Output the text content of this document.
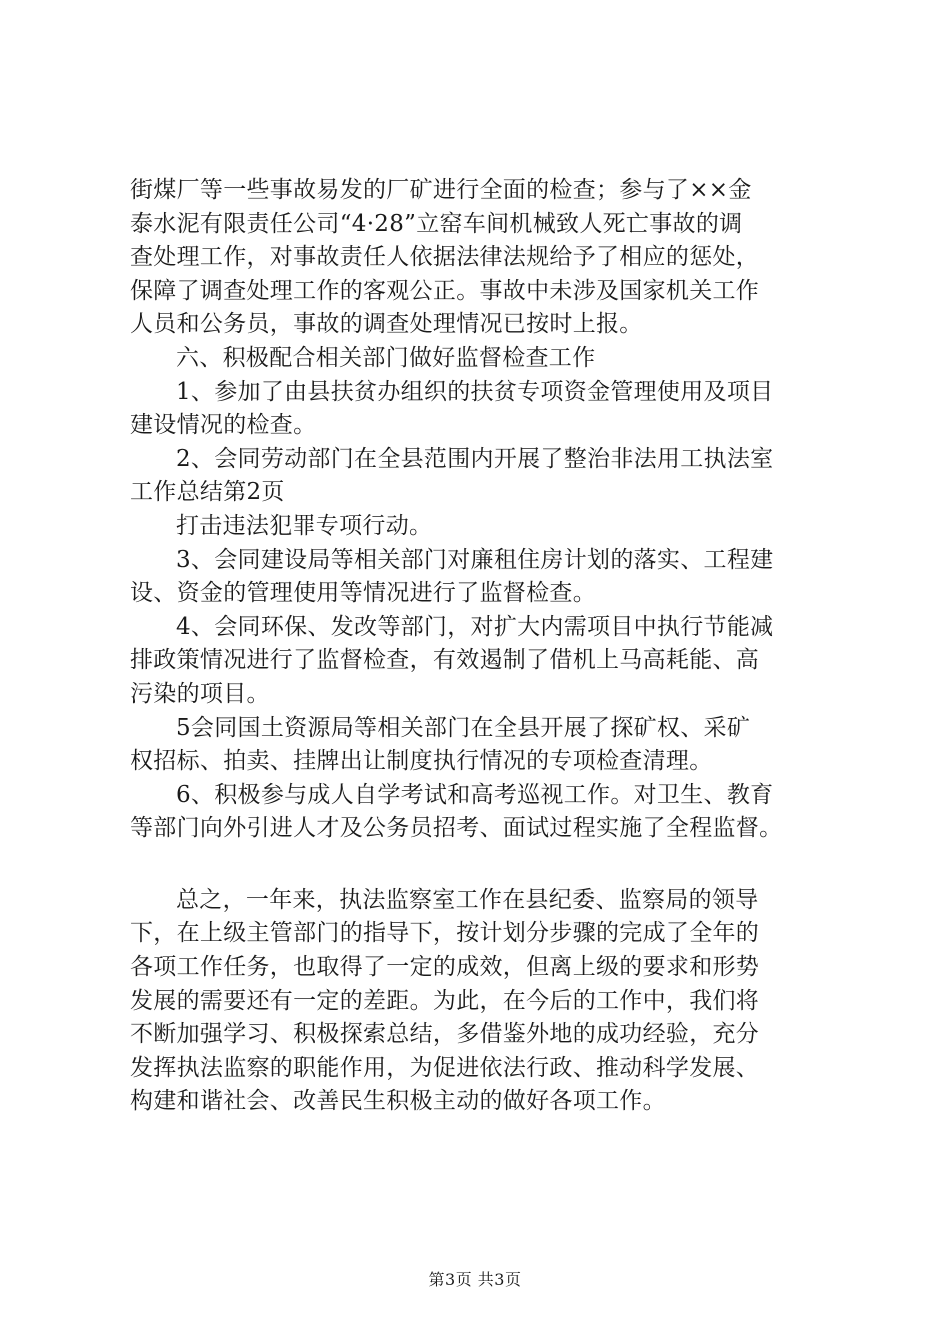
街煤厂等一些事故易发的厂矿进行全面的检查；参与了××金
泰水泥有限责任公司“4·28”立窑车间机械致人死亡事故的调
查处理工作，对事故责任人依据法律法规给予了相应的惩处，
保障了调查处理工作的客观公正。事故中未涉及国家机关工作
人员和公务员，事故的调查处理情况已按时上报。
六、积极配合相关部门做好监督检查工作
1、参加了由县扶贫办组织的扶贫专项资金管理使用及项目
建设情况的检查。
2、会同劳动部门在全县范围内开展了整治非法用工执法室
工作总结第2页
打击违法犯罪专项行动。
3、会同建设局等相关部门对廉租住房计划的落实、工程建
设、资金的管理使用等情况进行了监督检查。
4、会同环保、发改等部门，对扩大内需项目中执行节能减
排政策情况进行了监督检查，有效遏制了借机上马高耗能、高
污染的项目。
5会同国土资源局等相关部门在全县开展了探矿权、采矿
权招标、拍卖、挂牌出让制度执行情况的专项检查清理。
6、积极参与成人自学考试和高考巡视工作。对卫生、教育
等部门向外引进人才及公务员招考、面试过程实施了全程监督。
总之，一年来，执法监察室工作在县纪委、监察局的领导
下，在上级主管部门的指导下，按计划分步骤的完成了全年的
各项工作任务，也取得了一定的成效，但离上级的要求和形势
发展的需要还有一定的差距。为此，在今后的工作中，我们将
不断加强学习、积极探索总结，多借鉴外地的成功经验，充分
发挥执法监察的职能作用，为促进依法行政、推动科学发展、
构建和谐社会、改善民生积极主动的做好各项工作。
第3页 共3页
